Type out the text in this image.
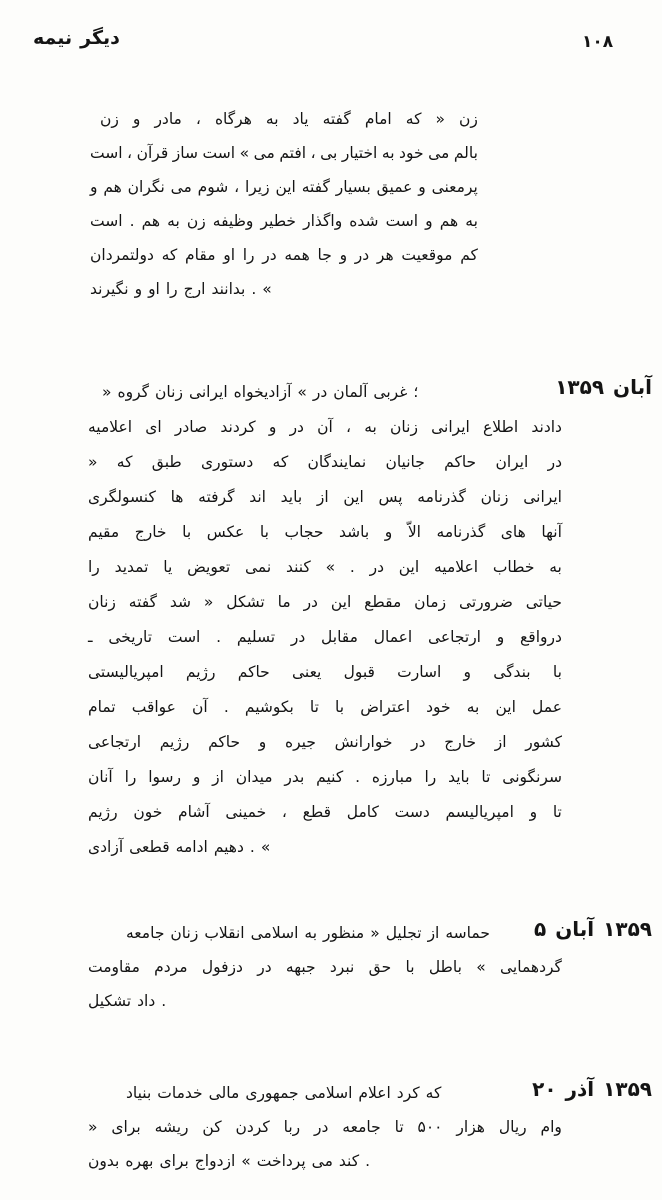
نیمه دیگر	۱۰۸
زن و مادر ، هرگاه به یاد گفته امام که « زن
است ، قرآن ساز است » می افتم ، بی اختیار به خود می بالم
و هم نگران می شوم ، زیرا این گفته بسیار عمیق و پرمعنی
است . هم به زن وظیفه خطیر واگذار شده است و هم به
دولتمردان که مقام او را در همه جا و در هر موقعیت کم
نگیرند و او را ارج بدانند . »
۱۳۵۹ آبان
« گروه زنان ایرانی آزادیخواه » در آلمان غربی ؛
اعلامیه ای صادر کردند و در آن ، به زنان ایرانی اطلاع دادند
« که طبق دستوری که نمایندگان جانیان حاکم ایران در
کنسولگری ها گرفته اند باید از این پس گذرنامه زنان ایرانی
مقیم خارج با عکس با حجاب باشد و الاّ گذرنامه های آنها
را تمدید یا تعویض نمی کنند » . در این اعلامیه خطاب به
زنان گفته شد « تشکل ما در این مقطع زمان ضرورتی حیاتی
ـ تاریخی است . تسلیم در مقابل اعمال ارتجاعی و درواقع
امپریالیستی رژیم حاکم یعنی قبول اسارت و بندگی با
تمام عواقب آن . بکوشیم تا با اعتراض خود به این عمل
ارتجاعی رژیم حاکم و جیره خوارانش در خارج از کشور
آنان را رسوا و از میدان بدر کنیم . مبارزه را باید تا سرنگونی
رژیم خون آشام خمینی ، قطع کامل دست امپریالیسم و تا
آزادی قطعی ادامه دهیم . »
۵ آبان ۱۳۵۹
جامعه زنان انقلاب اسلامی به منظور « تجلیل از حماسه
مقاومت مردم دزفول در جبهه نبرد حق با باطل » گردهمایی
تشکیل داد .
۲۰ آذر ۱۳۵۹
بنیاد خدمات مالی جمهوری اسلامی اعلام کرد که
« برای ریشه کن کردن ربا در جامعه تا ۵۰۰ هزار ریال وام
بدون بهره برای ازدواج » پرداخت می کند .
